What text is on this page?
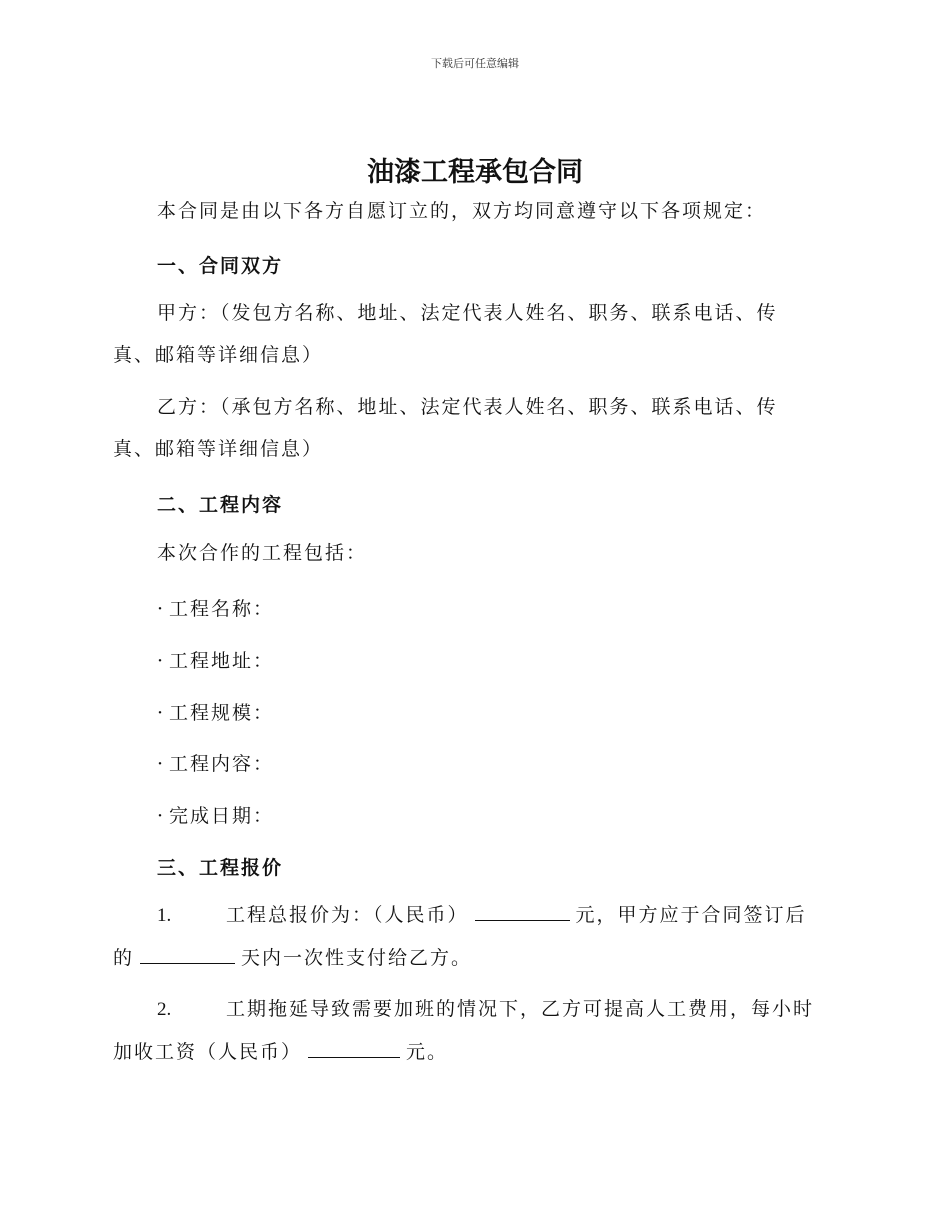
下载后可任意编辑
油漆工程承包合同
本合同是由以下各方自愿订立的，双方均同意遵守以下各项规定：
一、合同双方
甲方：（发包方名称、地址、法定代表人姓名、职务、联系电话、传
真、邮箱等详细信息）
乙方：（承包方名称、地址、法定代表人姓名、职务、联系电话、传
真、邮箱等详细信息）
二、工程内容
本次合作的工程包括：
· 工程名称：
· 工程地址：
· 工程规模：
· 工程内容：
· 完成日期：
三、工程报价
1.	工程总报价为：（人民币）	元，甲方应于合同签订后
的	天内一次性支付给乙方。
2.	工期拖延导致需要加班的情况下，乙方可提高人工费用，每小时
加收工资（人民币）	元。
